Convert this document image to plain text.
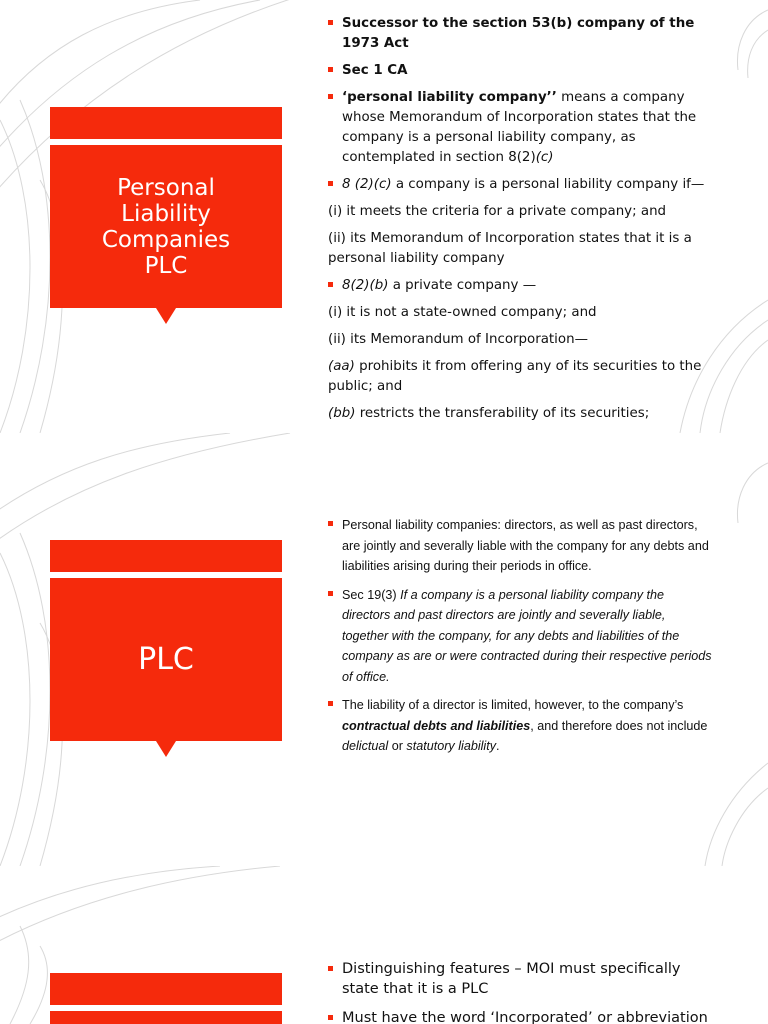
Personal
Liability
Companies
PLC
Successor to the section 53(b) company of the 1973 Act
Sec 1 CA
‘personal liability company’’ means a company whose Memorandum of Incorporation states that the company is a personal liability company, as contemplated in section 8(2)(c)
8 (2)(c) a company is a personal liability company if—
(i) it meets the criteria for a private company; and
(ii) its Memorandum of Incorporation states that it is a personal liability company
8(2)(b) a private company —
(i) it is not a state-owned company; and
(ii) its Memorandum of Incorporation—
(aa) prohibits it from offering any of its securities to the public; and
(bb) restricts the transferability of its securities;
PLC
Personal liability companies: directors, as well as past directors, are jointly and severally liable with the company for any debts and liabilities arising during their periods in office.
Sec 19(3) If a company is a personal liability company the directors and past directors are jointly and severally liable, together with the company, for any debts and liabilities of the company as are or were contracted during their respective periods of office.
The liability of a director is limited, however, to the company’s contractual debts and liabilities, and therefore does not include delictual or statutory liability.
Distinguishing features – MOI must specifically state that it is a PLC
Must have the word ‘Incorporated’ or abbreviation
